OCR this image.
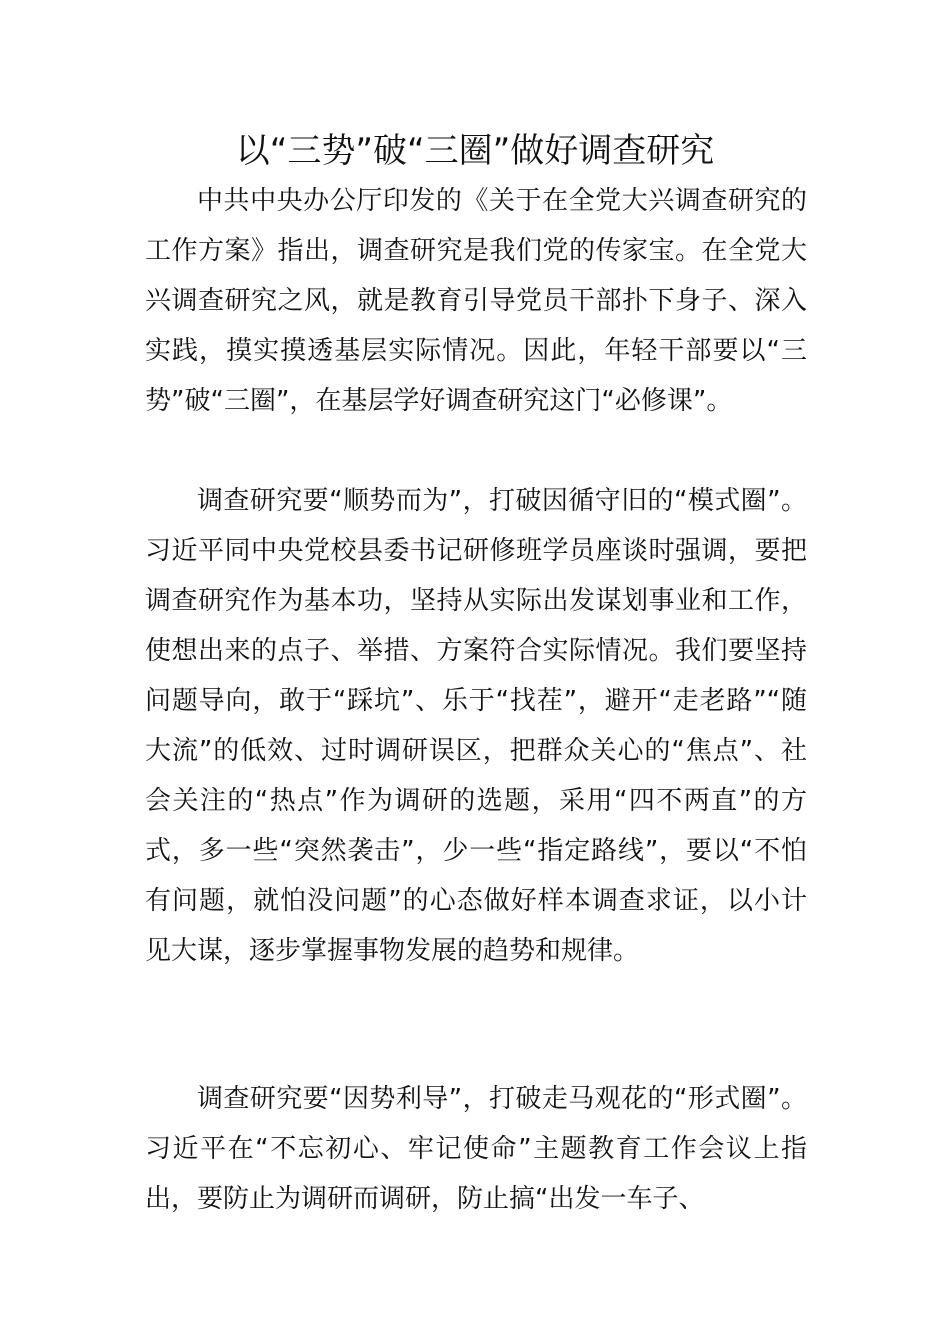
以“三势”破“三圈”做好调查研究

中共中央办公厅印发的《关于在全党大兴调查研究的工作方案》指出，调查研究是我们党的传家宝。在全党大兴调查研究之风，就是教育引导党员干部扑下身子、深入实践，摸实摸透基层实际情况。因此，年轻干部要以“三势”破“三圈”，在基层学好调查研究这门“必修课”。

调查研究要“顺势而为”，打破因循守旧的“模式圈”。习近平同中央党校县委书记研修班学员座谈时强调，要把调查研究作为基本功，坚持从实际出发谋划事业和工作，使想出来的点子、举措、方案符合实际情况。我们要坚持问题导向，敢于“踩坑”、乐于“找茬”，避开“走老路”“随大流”的低效、过时调研误区，把群众关心的“焦点”、社会关注的“热点”作为调研的选题，采用“四不两直”的方式，多一些“突然袭击”，少一些“指定路线”，要以“不怕有问题，就怕没问题”的心态做好样本调查求证，以小计见大谋，逐步掌握事物发展的趋势和规律。

调查研究要“因势利导”，打破走马观花的“形式圈”。习近平在“不忘初心、牢记使命”主题教育工作会议上指出，要防止为调研而调研，防止搞“出发一车子、
